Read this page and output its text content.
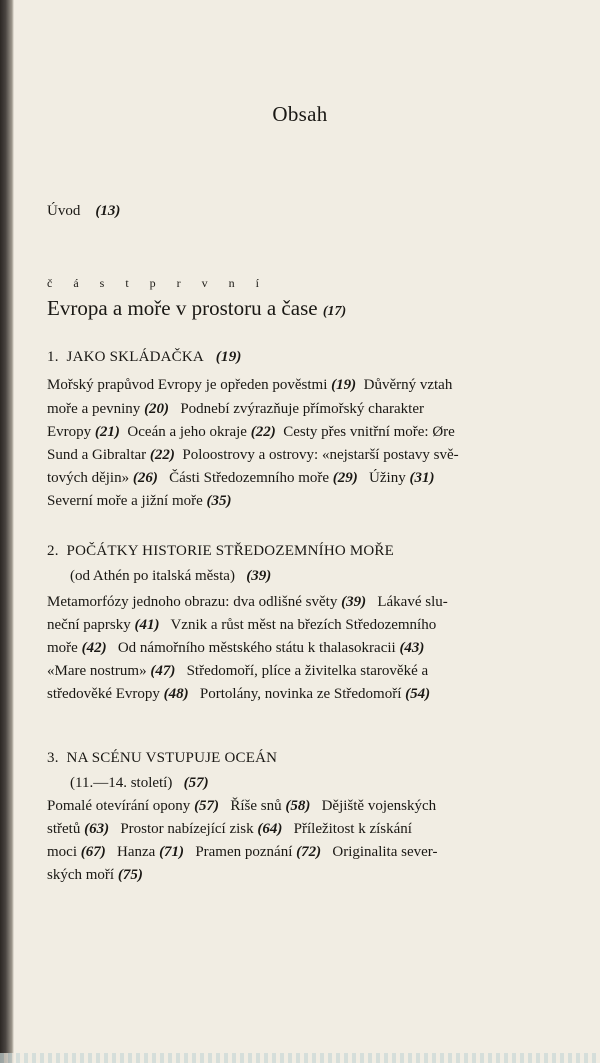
Obsah
Úvod (13)
č á s t p r v n í
Evropa a moře v prostoru a čase (17)
1.  JAKO SKLÁDAČKA   (19)
Mořský prapůvod Evropy je opředen pověstmi (19)  Důvěrný vztah
moře a pevniny (20)   Podnebí zvýrazňuje přímořský charakter
Evropy (21)  Oceán a jeho okraje (22)  Cesty přes vnitřní moře: Øre
Sund a Gibraltar (22)  Poloostrovy a ostrovy: «nejstarší postavy svě-
tových dějin» (26)   Části Středozemního moře (29)   Úžiny (31)
Severní moře a jižní moře (35)
2.  POČÁTKY HISTORIE STŘEDOZEMNÍHO MOŘE
(od Athén po italská města)   (39)
Metamorfózy jednoho obrazu: dva odlišné světy (39)   Lákavé slu-
neční paprsky (41)   Vznik a růst měst na březích Středozemního
moře (42)   Od námořního městského státu k thalasokracii (43)
«Mare nostrum» (47)   Středomoří, plíce a živitelka starověké a
středověké Evropy (48)   Portolány, novinka ze Středomoří (54)
3.  NA SCÉNU VSTUPUJE OCEÁN
(11.—14. století)   (57)
Pomalé otevírání opony (57)   Říše snů (58)   Dějiště vojenských
střetů (63)   Prostor nabízející zisk (64)   Příležitost k získání
moci (67)   Hanza (71)   Pramen poznání (72)   Originalita sever-
ských moří (75)
